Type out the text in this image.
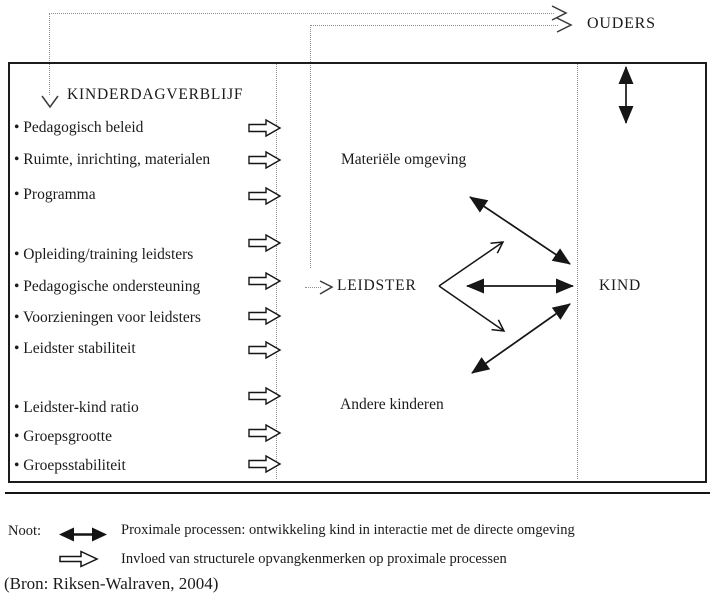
OUDERS
KINDERDAGVERBLIJF
• Pedagogisch beleid
• Ruimte, inrichting, materialen
• Programma
• Opleiding/training leidsters
• Pedagogische ondersteuning
• Voorzieningen voor leidsters
• Leidster stabiliteit
• Leidster-kind ratio
• Groepsgrootte
• Groepsstabiliteit
Materiële omgeving
LEIDSTER
Andere kinderen
KIND
Noot:	Proximale processen: ontwikkeling kind in interactie met de directe omgeving
Invloed van structurele opvangkenmerken op proximale processen
(Bron: Riksen-Walraven, 2004)
